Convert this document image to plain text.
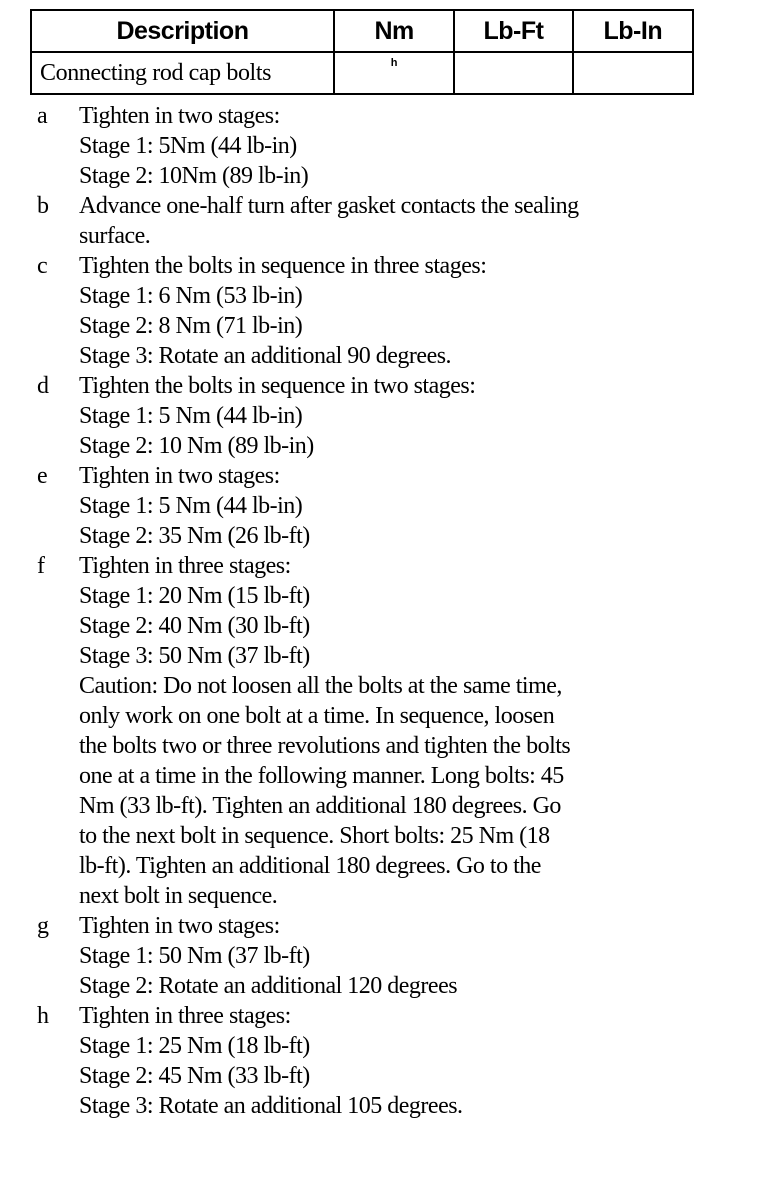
Description	Nm	Lb-Ft	Lb-In
Connecting rod cap bolts	h		
a	Tighten in two stages:
Stage 1: 5Nm (44 lb-in)
Stage 2: 10Nm (89 lb-in)
b	Advance one-half turn after gasket contacts the sealing
surface.
c	Tighten the bolts in sequence in three stages:
Stage 1: 6 Nm (53 lb-in)
Stage 2: 8 Nm (71 lb-in)
Stage 3: Rotate an additional 90 degrees.
d	Tighten the bolts in sequence in two stages:
Stage 1: 5 Nm (44 lb-in)
Stage 2: 10 Nm (89 lb-in)
e	Tighten in two stages:
Stage 1: 5 Nm (44 lb-in)
Stage 2: 35 Nm (26 lb-ft)
f	Tighten in three stages:
Stage 1: 20 Nm (15 lb-ft)
Stage 2: 40 Nm (30 lb-ft)
Stage 3: 50 Nm (37 lb-ft)
Caution: Do not loosen all the bolts at the same time,
only work on one bolt at a time. In sequence, loosen
the bolts two or three revolutions and tighten the bolts
one at a time in the following manner. Long bolts: 45
Nm (33 lb-ft). Tighten an additional 180 degrees. Go
to the next bolt in sequence. Short bolts: 25 Nm (18
lb-ft). Tighten an additional 180 degrees. Go to the
next bolt in sequence.
g	Tighten in two stages:
Stage 1: 50 Nm (37 lb-ft)
Stage 2: Rotate an additional 120 degrees
h	Tighten in three stages:
Stage 1: 25 Nm (18 lb-ft)
Stage 2: 45 Nm (33 lb-ft)
Stage 3: Rotate an additional 105 degrees.
